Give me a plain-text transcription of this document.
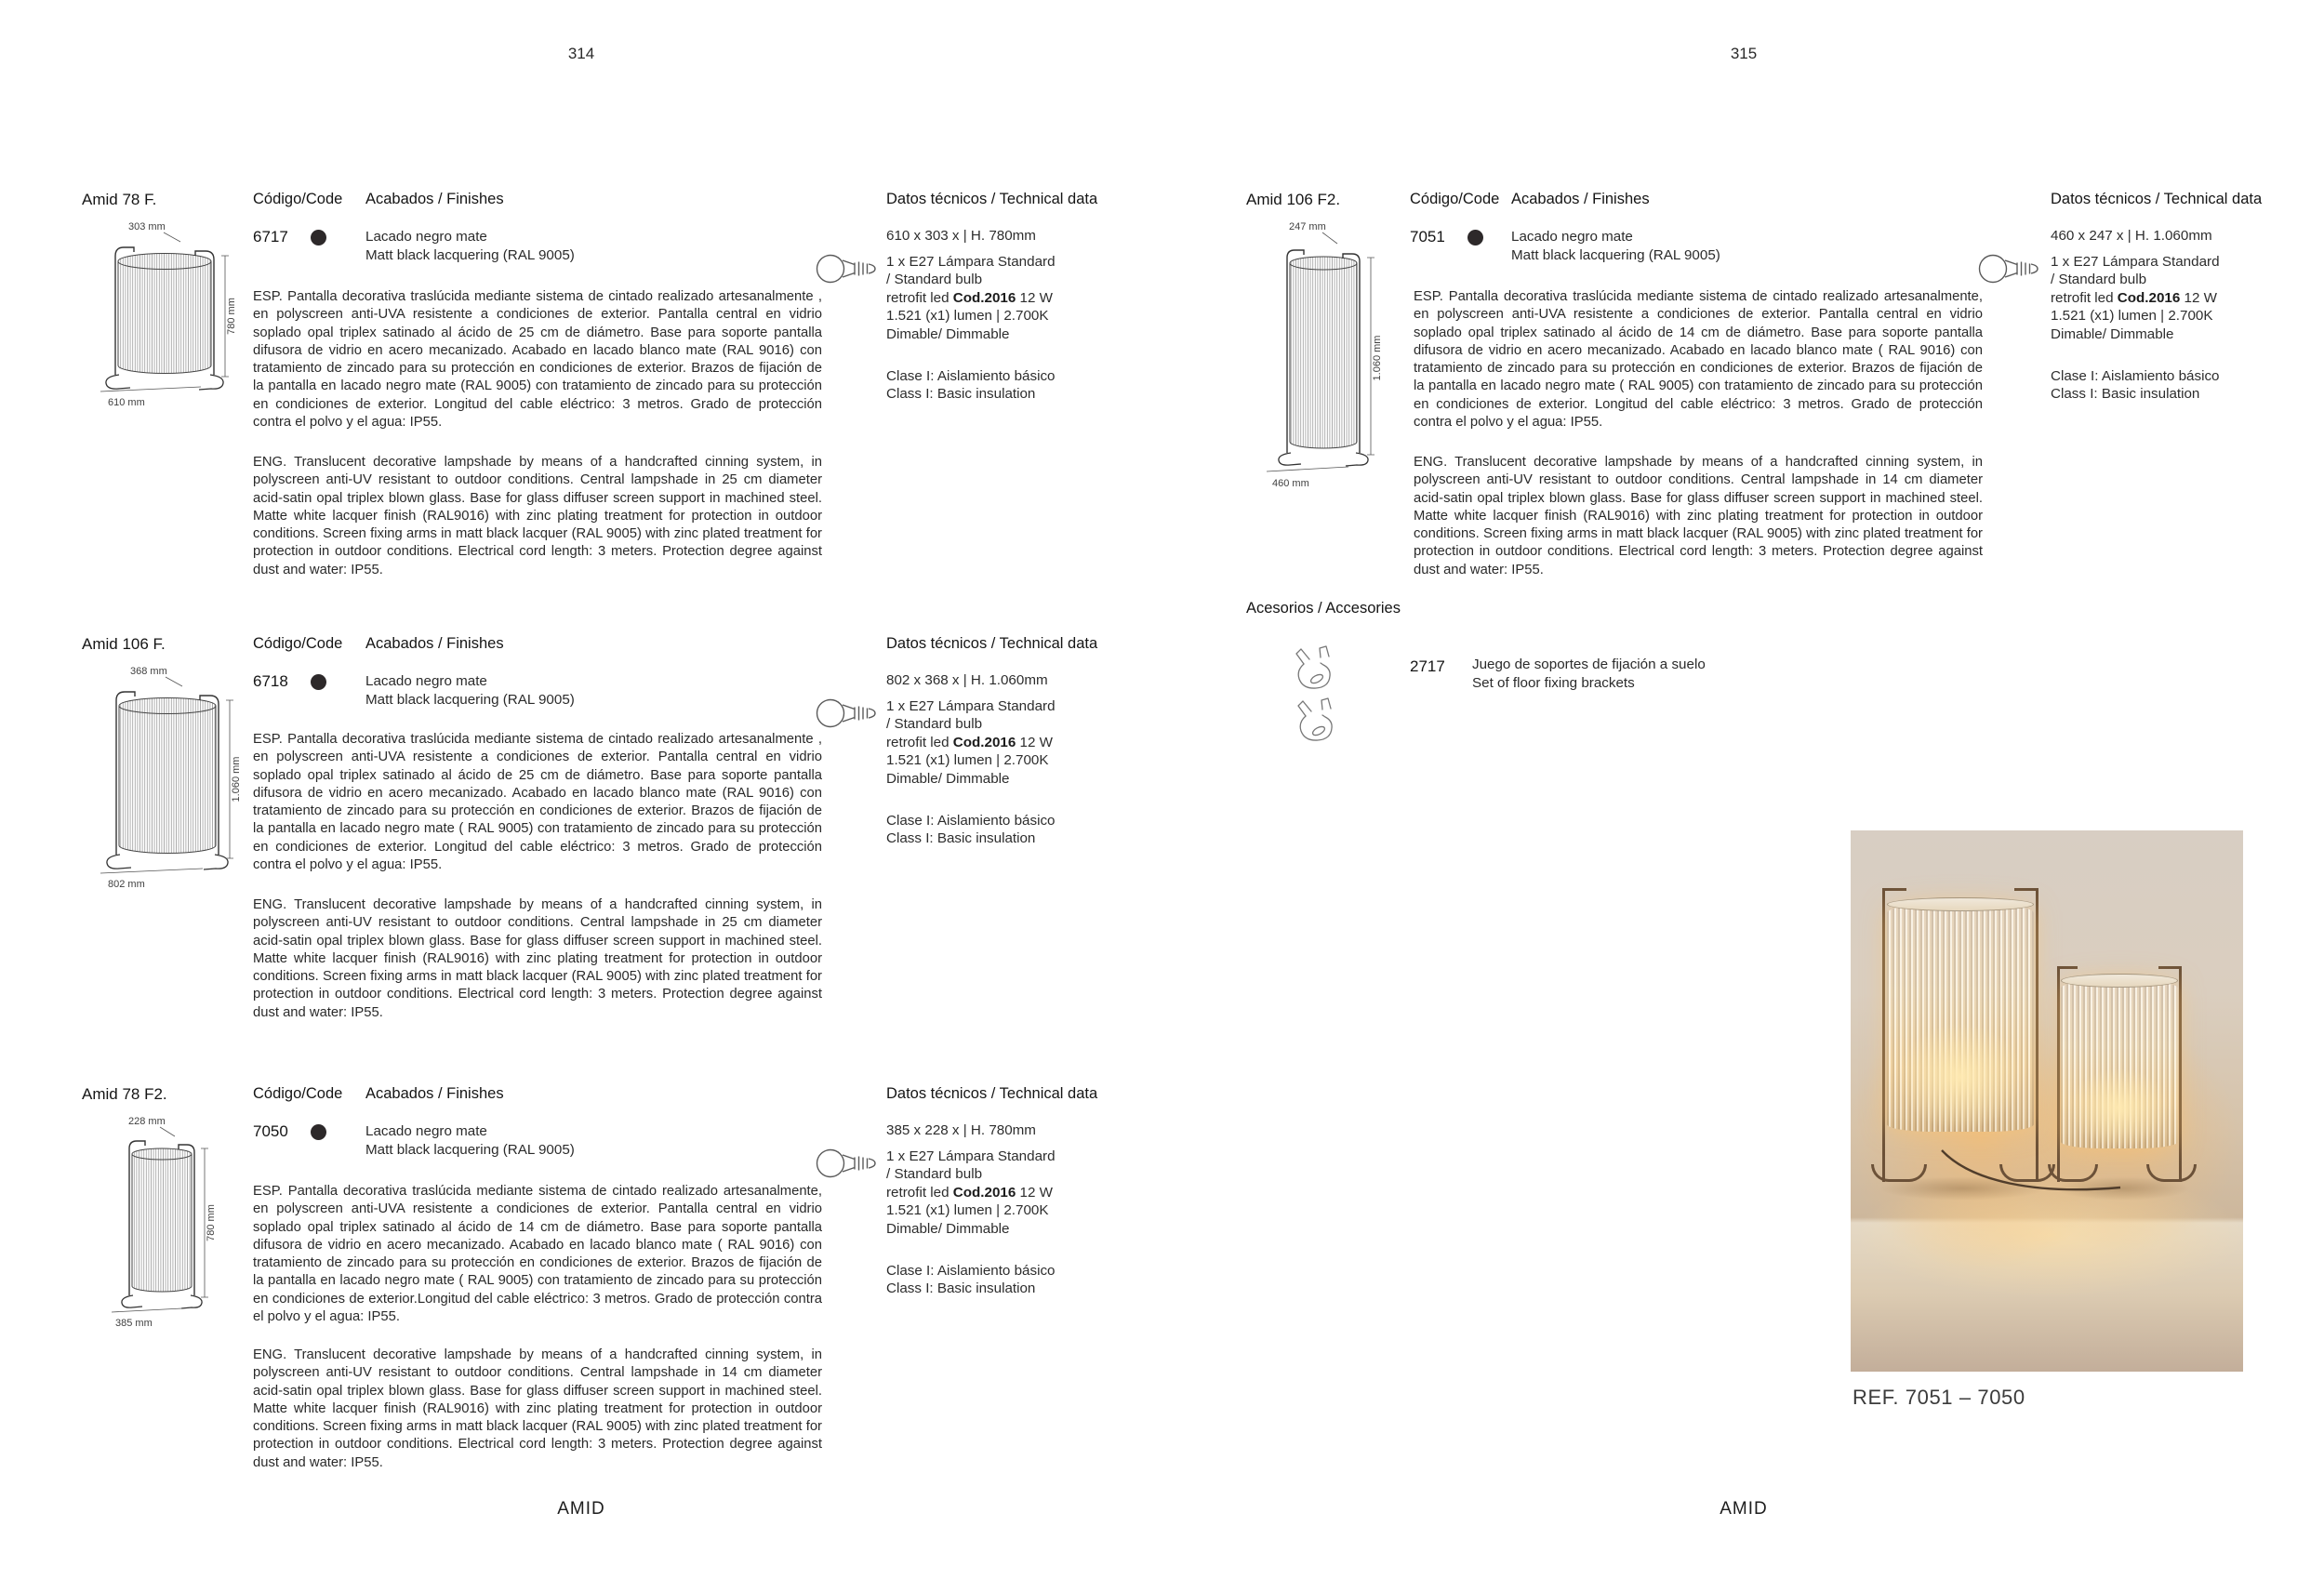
314
Amid 78 F.	Código/Code Acabados / Finishes	Datos técnicos / Technical data
6717	Lacado negro mate
Matt black lacquering (RAL 9005)
303 mm
780 mm
610 mm
ESP. Pantalla decorativa traslúcida mediante sistema de cintado realizado artesanalmente , en polyscreen anti-UVA resistente a condiciones de exterior. Pantalla central en vidrio soplado opal triplex satinado al ácido de 25 cm de diámetro. Base para soporte pantalla difusora de vidrio en acero mecanizado. Acabado en lacado blanco mate (RAL 9016) con tratamiento de zincado para su protección en condiciones de exterior. Brazos de fijación de la pantalla en lacado negro mate (RAL 9005) con tratamiento de zincado para su protección en condiciones de exterior. Longitud del cable eléctrico: 3 metros. Grado de protección contra el polvo y el agua: IP55.
ENG. Translucent decorative lampshade by means of a handcrafted cinning system, in polyscreen anti-UV resistant to outdoor conditions. Central lampshade in 25 cm diameter acid-satin opal triplex blown glass. Base for glass diffuser screen support in machined steel. Matte white lacquer finish (RAL9016) with zinc plating treatment for protection in outdoor conditions. Screen fixing arms in matt black lacquer (RAL 9005) with zinc plated treatment for protection in outdoor conditions. Electrical cord length: 3 meters. Protection degree against dust and water: IP55.
610 x 303 x | H. 780mm
1 x E27 Lámpara Standard
/ Standard bulb
retrofit led Cod.2016 12 W
1.521 (x1) lumen | 2.700K
Dimable/ Dimmable
Clase I: Aislamiento básico
Class I: Basic insulation
Amid 106 F.	Código/Code Acabados / Finishes	Datos técnicos / Technical data
6718	Lacado negro mate
Matt black lacquering (RAL 9005)
368 mm
1.060 mm
802 mm
ESP. Pantalla decorativa traslúcida mediante sistema de cintado realizado artesanalmente , en polyscreen anti-UVA resistente a condiciones de exterior. Pantalla central en vidrio soplado opal triplex satinado al ácido de 25 cm de diámetro. Base para soporte pantalla difusora de vidrio en acero mecanizado. Acabado en lacado blanco mate (RAL 9016) con tratamiento de zincado para su protección en condiciones de exterior. Brazos de fijación de la pantalla en lacado negro mate ( RAL 9005) con tratamiento de zincado para su protección en condiciones de exterior. Longitud del cable eléctrico: 3 metros. Grado de protección contra el polvo y el agua: IP55.
ENG. Translucent decorative lampshade by means of a handcrafted cinning system, in polyscreen anti-UV resistant to outdoor conditions. Central lampshade in 25 cm diameter acid-satin opal triplex blown glass. Base for glass diffuser screen support in machined steel. Matte white lacquer finish (RAL9016) with zinc plating treatment for protection in outdoor conditions. Screen fixing arms in matt black lacquer (RAL 9005) with zinc plated treatment for protection in outdoor conditions. Electrical cord length: 3 meters. Protection degree against dust and water: IP55.
802 x 368 x | H. 1.060mm
1 x E27 Lámpara Standard
/ Standard bulb
retrofit led Cod.2016 12 W
1.521 (x1) lumen | 2.700K
Dimable/ Dimmable
Clase I: Aislamiento básico
Class I: Basic insulation
Amid 78 F2.	Código/Code Acabados / Finishes	Datos técnicos / Technical data
7050	Lacado negro mate
Matt black lacquering (RAL 9005)
228 mm
780 mm
385 mm
ESP. Pantalla decorativa traslúcida mediante sistema de cintado realizado artesanalmente, en polyscreen anti-UVA resistente a condiciones de exterior. Pantalla central en vidrio soplado opal triplex satinado al ácido de 14 cm de diámetro. Base para soporte pantalla difusora de vidrio en acero mecanizado. Acabado en lacado blanco mate ( RAL 9016) con tratamiento de zincado para su protección en condiciones de exterior. Brazos de fijación de la pantalla en lacado negro mate ( RAL 9005) con tratamiento de zincado para su protección en condiciones de exterior.Longitud del cable eléctrico: 3 metros. Grado de protección contra el polvo y el agua: IP55.
ENG. Translucent decorative lampshade by means of a handcrafted cinning system, in polyscreen anti-UV resistant to outdoor conditions. Central lampshade in 14 cm diameter acid-satin opal triplex blown glass. Base for glass diffuser screen support in machined steel. Matte white lacquer finish (RAL9016) with zinc plating treatment for protection in outdoor conditions. Screen fixing arms in matt black lacquer (RAL 9005) with zinc plated treatment for protection in outdoor conditions. Electrical cord length: 3 meters. Protection degree against dust and water: IP55.
385 x 228 x | H. 780mm
1 x E27 Lámpara Standard
/ Standard bulb
retrofit led Cod.2016 12 W
1.521 (x1) lumen | 2.700K
Dimable/ Dimmable
Clase I: Aislamiento básico
Class I: Basic insulation
AMID
315
Amid 106 F2.	Código/Code Acabados / Finishes	Datos técnicos / Technical data
7051	Lacado negro mate
Matt black lacquering (RAL 9005)
247 mm
1.060 mm
460 mm
ESP. Pantalla decorativa traslúcida mediante sistema de cintado realizado artesanalmente, en polyscreen anti-UVA resistente a condiciones de exterior. Pantalla central en vidrio soplado opal triplex satinado al ácido de 14 cm de diámetro. Base para soporte pantalla difusora de vidrio en acero mecanizado. Acabado en lacado blanco mate ( RAL 9016) con tratamiento de zincado para su protección en condiciones de exterior. Brazos de fijación de la pantalla en lacado negro mate ( RAL 9005) con tratamiento de zincado para su protección en condiciones de exterior. Longitud del cable eléctrico: 3 metros. Grado de protección contra el polvo y el agua: IP55.
ENG. Translucent decorative lampshade by means of a handcrafted cinning system, in polyscreen anti-UV resistant to outdoor conditions. Central lampshade in 14 cm diameter acid-satin opal triplex blown glass. Base for glass diffuser screen support in machined steel. Matte white lacquer finish (RAL9016) with zinc plating treatment for protection in outdoor conditions. Screen fixing arms in matt black lacquer (RAL 9005) with zinc plated treatment for protection in outdoor conditions. Electrical cord length: 3 meters. Protection degree against dust and water: IP55.
460 x 247 x | H. 1.060mm
1 x E27 Lámpara Standard
/ Standard bulb
retrofit led Cod.2016 12 W
1.521 (x1) lumen | 2.700K
Dimable/ Dimmable
Clase I: Aislamiento básico
Class I: Basic insulation
Acesorios / Accesories
2717 Juego de soportes de fijación a suelo
Set of floor fixing brackets
REF. 7051 – 7050
AMID
